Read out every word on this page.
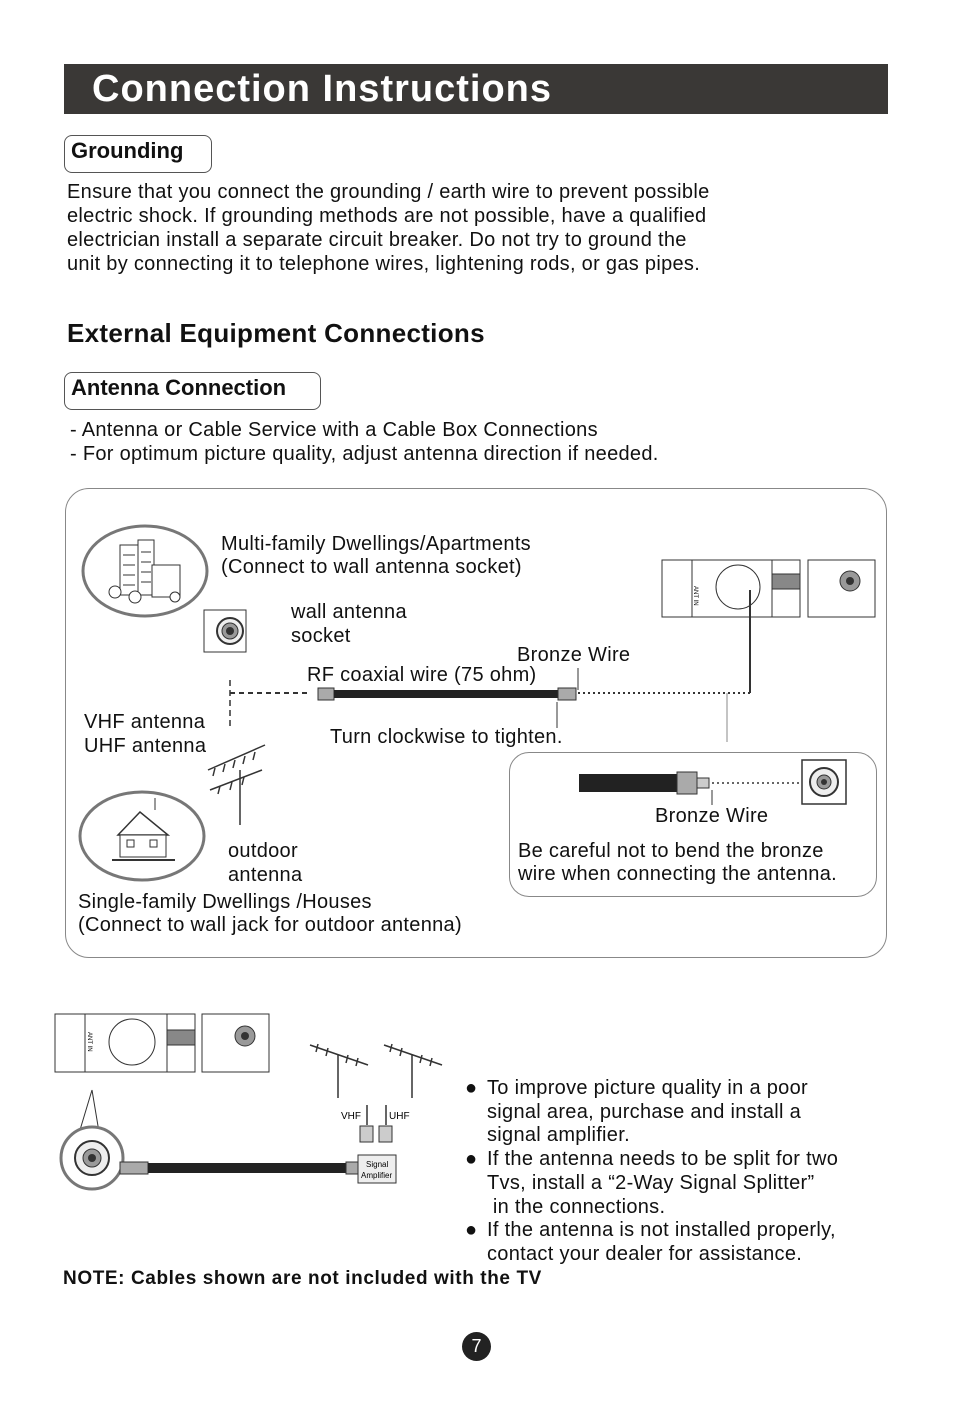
Connection Instructions
Grounding
Ensure that you connect the grounding / earth wire to prevent possible
electric shock. If grounding methods are not possible, have a qualified
electrician install a separate circuit breaker. Do not try to ground the
unit by connecting it to telephone wires, lightening rods, or gas pipes.
External Equipment Connections
Antenna Connection
- Antenna or Cable Service with a Cable Box Connections
- For optimum picture quality, adjust antenna direction if needed.
ANT IN
ANT IN
Signal
Amplifier
VHF	UHF
Multi-family Dwellings/Apartments
(Connect to wall antenna socket)
wall antenna
socket
Bronze Wire
RF coaxial wire (75 ohm)
VHF antenna
UHF antenna	Turn clockwise to tighten.
outdoor
antenna
Single-family Dwellings /Houses
(Connect to wall jack for outdoor antenna)
Bronze Wire
Be careful not to bend the bronze
wire when connecting the antenna.
● To improve picture quality in a poor
signal area, purchase and install a
signal amplifier.
● If the antenna needs to be split for two
Tvs, install a “2-Way Signal Splitter”
in the connections.
● If the antenna is not installed properly,
contact your dealer for assistance.
NOTE: Cables shown are not included with the TV
7
